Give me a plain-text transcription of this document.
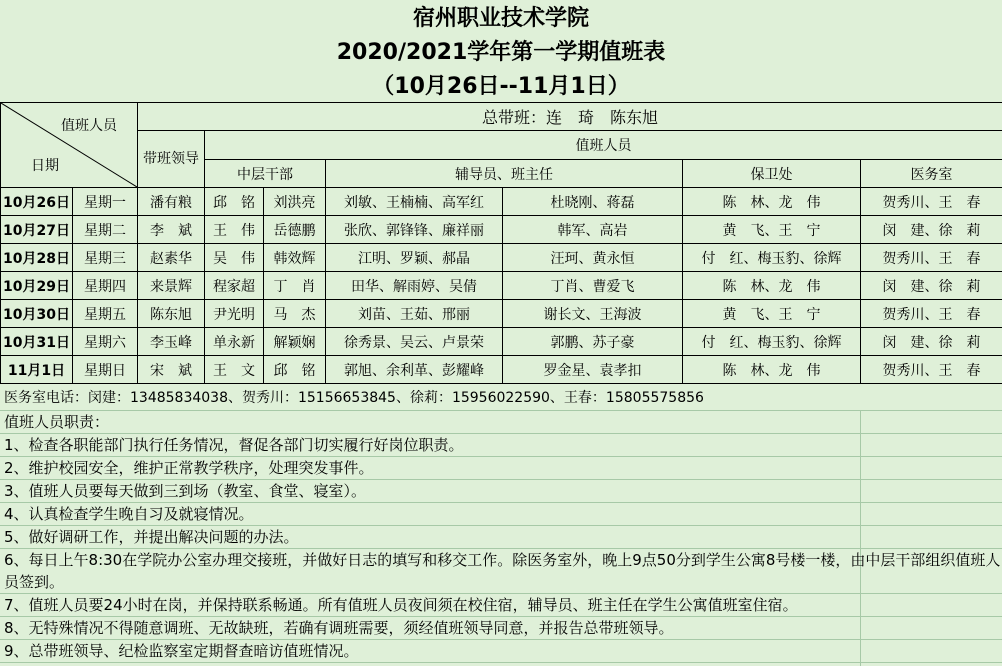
宿州职业技术学院
2020/2021学年第一学期值班表
（10月26日--11月1日）
值班人员
日期		总带班：连　琦　陈东旭						
		带班领导	值班人员					
			中层干部		辅导员、班主任		保卫处	医务室
10月26日	星期一	潘有粮	邱　铭	刘洪亮	刘敏、王楠楠、高军红	杜晓刚、蒋磊	陈　林、龙　伟	贺秀川、王　春
10月27日	星期二	李　斌	王　伟	岳德鹏	张欣、郭锋锋、廉祥丽	韩军、高岩	黄　飞、王　宁	闵　建、徐　莉
10月28日	星期三	赵素华	吴　伟	韩效辉	江明、罗颖、郝晶	汪珂、黄永恒	付　红、梅玉豹、徐辉	贺秀川、王　春
10月29日	星期四	来景辉	程家超	丁　肖	田华、解雨婷、吴倩	丁肖、曹爱飞	陈　林、龙　伟	闵　建、徐　莉
10月30日	星期五	陈东旭	尹光明	马　杰	刘苗、王茹、邢丽	谢长文、王海波	黄　飞、王　宁	贺秀川、王　春
10月31日	星期六	李玉峰	单永新	解颖娴	徐秀景、吴云、卢景荣	郭鹏、苏子豪	付　红、梅玉豹、徐辉	闵　建、徐　莉
11月1日	星期日	宋　斌	王　文	邱　铭	郭旭、余利革、彭耀峰	罗金星、袁孝扣	陈　林、龙　伟	贺秀川、王　春
医务室电话：闵建：13485834038、贺秀川：15156653845、徐莉：15956022590、王春：15805575856
值班人员职责：
1、检查各职能部门执行任务情况，督促各部门切实履行好岗位职责。
2、维护校园安全，维护正常教学秩序，处理突发事件。
3、值班人员要每天做到三到场（教室、食堂、寝室）。
4、认真检查学生晚自习及就寝情况。
5、做好调研工作，并提出解决问题的办法。
6、每日上午8:30在学院办公室办理交接班，并做好日志的填写和移交工作。除医务室外，晚上9点50分到学生公寓8号楼一楼，由中层干部组织值班人员签到。
7、值班人员要24小时在岗，并保持联系畅通。所有值班人员夜间须在校住宿，辅导员、班主任在学生公寓值班室住宿。
8、无特殊情况不得随意调班、无故缺班，若确有调班需要，须经值班领导同意，并报告总带班领导。
9、总带班领导、纪检监察室定期督查暗访值班情况。
